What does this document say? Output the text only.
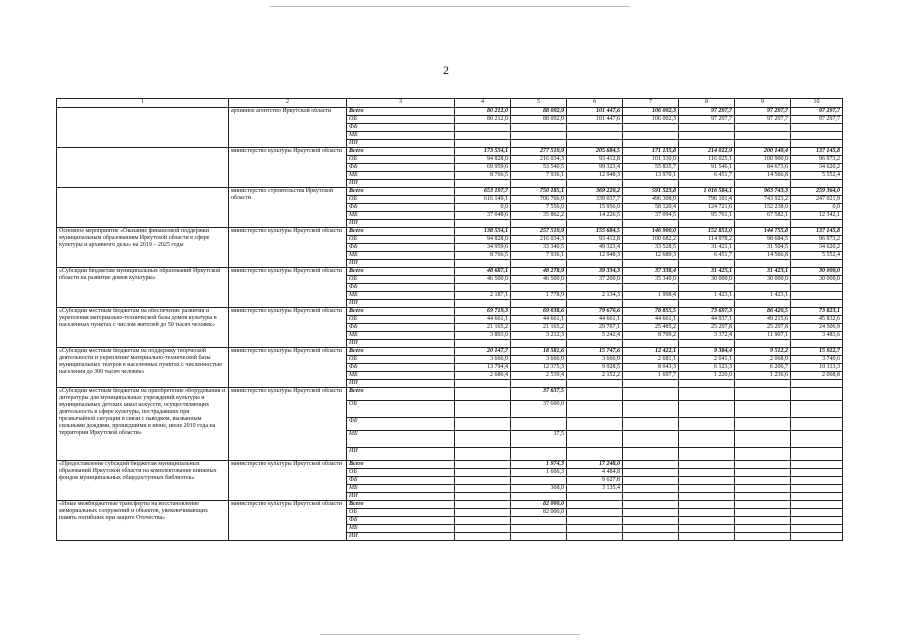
2
1	2	3	4	5	6	7	8	9	10
	архивное агентство Иркутской области	Всего	80 212,0	88 092,9	101 447,6	106 002,3	97 297,7	97 297,7	97 297,7
		ОБ	80 212,0	88 092,9	101 447,6	106 002,3	97 297,7	97 297,7	97 297,7
		ФБ							
		МБ							
		ИИ							
	министерство культуры Иркутской области	Всего	173 554,1	277 510,9	205 684,5	171 135,8	214 022,9	200 140,4	137 145,8
		ОБ	94 828,0	216 034,3	93 412,8	101 330,0	116 025,1	100 900,0	96 973,2
		ФБ	69 959,6	53 540,5	99 323,4	55 835,7	91 546,1	84 673,6	34 620,2
		МБ	8 766,5	7 936,1	12 948,3	13 970,1	6 451,7	14 566,8	5 552,4
		ИИ							
	министерство строительства Иркутской области	Всего	653 197,7	750 185,1	369 220,2	591 523,8	1 016 584,1	963 743,3	259 364,0
		ОБ	616 149,1	706 766,9	339 037,7	496 308,9	796 101,4	743 923,2	247 021,9
		ФБ	0,0	7 556,0	15 956,0	58 120,4	124 721,6	152 238,0	0,0
		МБ	37 048,6	35 862,2	14 226,5	37 094,5	95 761,1	67 582,1	12 342,1
		ИИ							
Основное мероприятие «Оказание финансовой поддержки муниципальным образованиям Иркутской области в сфере культуры и архивного дела» на 2019 – 2025 годы	министерство культуры Иркутской области	Всего	138 554,1	257 510,9	155 684,5	146 900,0	152 851,0	144 755,8	137 145,8
		ОБ	94 828,0	216 034,3	93 412,8	100 682,2	114 978,2	98 684,5	96 973,2
		ФБ	34 959,6	33 340,5	49 323,4	33 528,5	31 421,1	31 504,5	34 620,2
		МБ	8 766,5	7 936,1	12 948,3	12 689,3	6 451,7	14 566,8	5 552,4
		ИИ							
«Субсидии бюджетам муниципальных образований Иркутской области на развитие домов культуры»	министерство культуры Иркутской области	Всего	48 687,1	48 278,9	39 334,3	37 338,4	31 425,1	31 423,1	30 000,0
		ОБ	46 500,0	46 500,0	37 200,0	35 340,0	30 000,0	30 000,0	30 000,0
		ФБ							
		МБ	2 187,1	1 778,9	2 134,3	1 998,4	1 423,1	1 423,1	
		ИИ							
«Субсидии местным бюджетам на обеспечение развития и укрепления материально-технической базы домов культуры в населенных пунктах с числом жителей до 50 тысяч человек»	министерство культуры Иркутской области	Всего	69 719,3	69 038,6	79 670,6	78 855,5	73 697,3	86 420,5	73 823,1
		ОБ	44 661,1	44 661,1	44 661,1	44 661,1	44 937,1	49 215,6	45 832,6
		ФБ	21 165,2	21 165,2	29 767,1	25 485,2	25 297,8	25 297,8	24 506,9
		МБ	3 893,0	3 212,3	5 242,4	8 709,2	3 372,4	11 907,1	3 483,6
		ИИ							
«Субсидии местным бюджетам на поддержку творческой деятельности и укрепление материально-технической базы муниципальных театров в населенных пунктах с численностью населения до 300 тысяч человек»	министерство культуры Иркутской области	Всего	20 147,7	18 581,6	15 747,6	12 422,1	9 384,4	9 512,2	15 922,7
		ОБ	3 666,9	3 666,9	3 666,9	2 681,1	2 041,1	2 068,9	3 740,6
		ФБ	13 794,4	12 375,3	9 928,5	8 043,3	6 123,3	6 206,7	10 113,3
		МБ	2 686,4	2 539,4	2 152,2	1 697,7	1 220,0	1 236,6	2 068,8
		ИИ							
«Субсидии местным бюджетам на приобретение оборудования и литературы для муниципальных учреждений культуры и муниципальных детских школ искусств, осуществляющих деятельность в сфере культуры, пострадавших при чрезвычайной ситуации в связи с паводком, вызванным сильными дождями, прошедшими в июне, июле 2019 года на территории Иркутской области»	министерство культуры Иркутской области	Всего		37 637,5					
		ОБ		37 600,0					
		ФБ							
		МБ		37,5					
		ИИ							
«Предоставление субсидий бюджетам муниципальных образований Иркутской области на комплектование книжных фондов муниципальных общедоступных библиотек»	министерство культуры Иркутской области	Всего		1 974,3	17 248,0				
		ОБ		1 606,3	4 484,8				
		ФБ			9 627,8				
		МБ		368,0	3 135,4				
		ИИ							
«Иные межбюджетные трансферты на восстановление мемориальных сооружений и объектов, увековечивающих память погибших при защите Отечества»	министерство культуры Иркутской области	Всего		82 000,0					
		ОБ		82 000,0					
		ФБ							
		МБ							
		ИИ							
